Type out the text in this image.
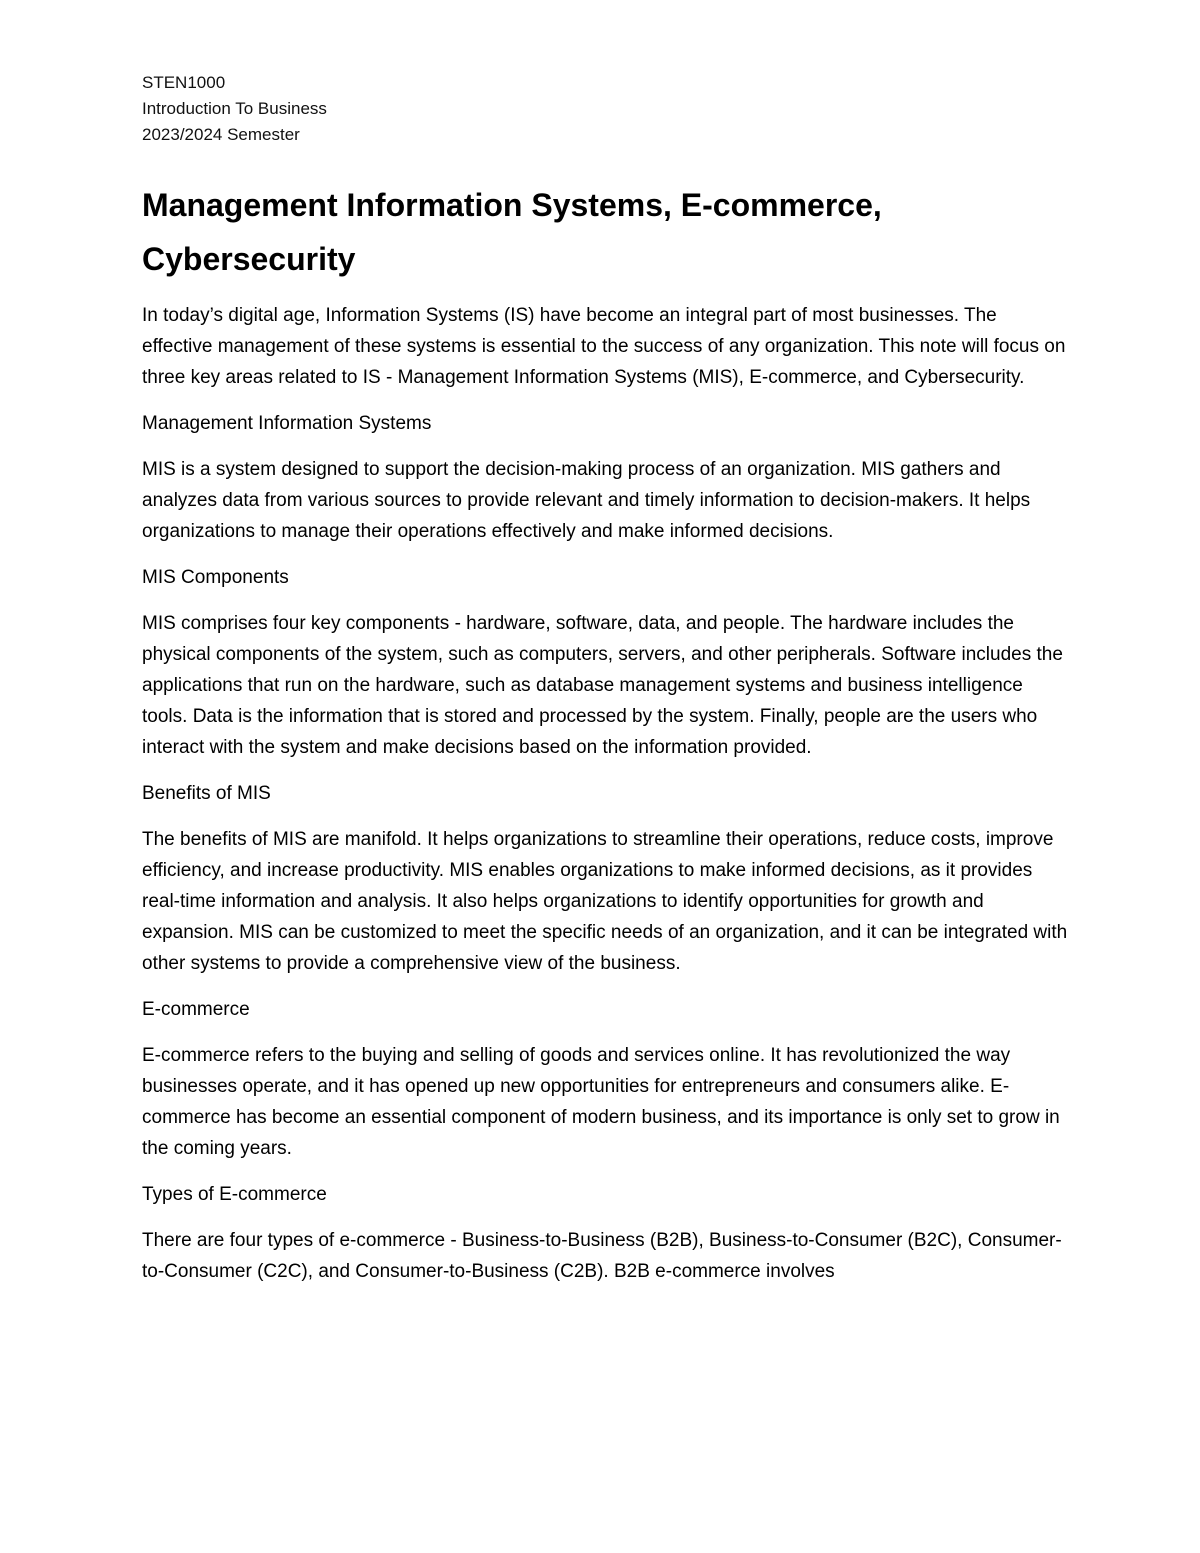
STEN1000
Introduction To Business
2023/2024 Semester
Management Information Systems, E-commerce, Cybersecurity

In today’s digital age, Information Systems (IS) have become an integral part of most businesses. The effective management of these systems is essential to the success of any organization. This note will focus on three key areas related to IS - Management Information Systems (MIS), E-commerce, and Cybersecurity.

Management Information Systems

MIS is a system designed to support the decision-making process of an organization. MIS gathers and analyzes data from various sources to provide relevant and timely information to decision-makers. It helps organizations to manage their operations effectively and make informed decisions.

MIS Components

MIS comprises four key components - hardware, software, data, and people. The hardware includes the physical components of the system, such as computers, servers, and other peripherals. Software includes the applications that run on the hardware, such as database management systems and business intelligence tools. Data is the information that is stored and processed by the system. Finally, people are the users who interact with the system and make decisions based on the information provided.

Benefits of MIS

The benefits of MIS are manifold. It helps organizations to streamline their operations, reduce costs, improve efficiency, and increase productivity. MIS enables organizations to make informed decisions, as it provides real-time information and analysis. It also helps organizations to identify opportunities for growth and expansion. MIS can be customized to meet the specific needs of an organization, and it can be integrated with other systems to provide a comprehensive view of the business.

E-commerce

E-commerce refers to the buying and selling of goods and services online. It has revolutionized the way businesses operate, and it has opened up new opportunities for entrepreneurs and consumers alike. E-commerce has become an essential component of modern business, and its importance is only set to grow in the coming years.

Types of E-commerce

There are four types of e-commerce - Business-to-Business (B2B), Business-to-Consumer (B2C), Consumer-to-Consumer (C2C), and Consumer-to-Business (C2B). B2B e-commerce involves
